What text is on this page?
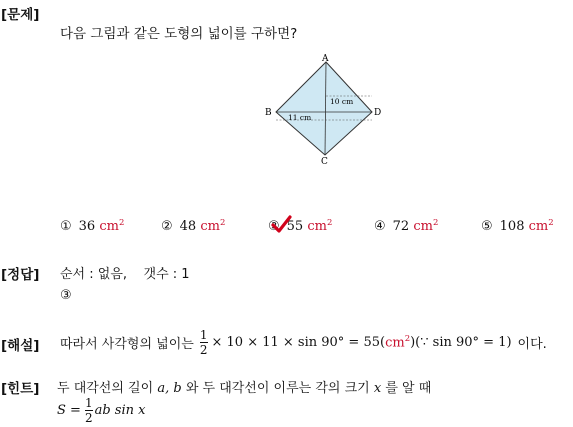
[문제]
다음 그림과 같은 도형의 넓이를 구하면?
A
B	D
C
10 cm
11 cm
① 36 $cm^2$	② 48 $cm^2$	③ 55 $cm^2$	④ 72 $cm^2$	⑤ 108 $cm^2$
[정답] 순서 : 없음,    갯수 : 1
③
[해설] 따라서 사각형의 넓이는 $\frac{1}{2} \times 10 \times 11 \times \sin 90^\circ = 55$( $cm^2$ )(∵ sin 90° = 1) 이다.
[힌트] 두 대각선의 길이 a, b 와 두 대각선이 이루는 각의 크기 x 를 알 때
$S = \frac{1}{2}$ ab sin x
